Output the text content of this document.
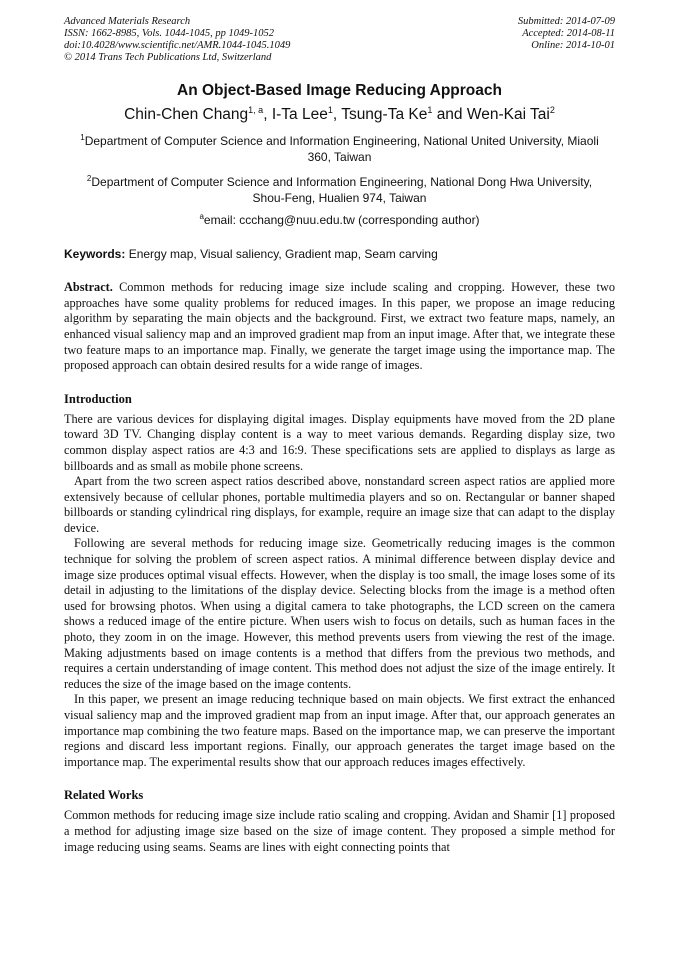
Advanced Materials Research
ISSN: 1662-8985, Vols. 1044-1045, pp 1049-1052
doi:10.4028/www.scientific.net/AMR.1044-1045.1049
© 2014 Trans Tech Publications Ltd, Switzerland
Submitted: 2014-07-09
Accepted: 2014-08-11
Online: 2014-10-01
An Object-Based Image Reducing Approach
Chin-Chen Chang$^{1, a}$, I-Ta Lee$^1$, Tsung-Ta Ke$^1$ and Wen-Kai Tai$^2$
$^1$Department of Computer Science and Information Engineering, National United University, Miaoli 360, Taiwan
$^2$Department of Computer Science and Information Engineering, National Dong Hwa University, Shou-Feng, Hualien 974, Taiwan
$^a$email: ccchang@nuu.edu.tw (corresponding author)
Keywords: Energy map, Visual saliency, Gradient map, Seam carving

Abstract. Common methods for reducing image size include scaling and cropping. However, these two approaches have some quality problems for reduced images. In this paper, we propose an image reducing algorithm by separating the main objects and the background. First, we extract two feature maps, namely, an enhanced visual saliency map and an improved gradient map from an input image. After that, we integrate these two feature maps to an importance map. Finally, we generate the target image using the importance map. The proposed approach can obtain desired results for a wide range of images.

Introduction

There are various devices for displaying digital images. Display equipments have moved from the 2D plane toward 3D TV. Changing display content is a way to meet various demands. Regarding display size, two common display aspect ratios are 4:3 and 16:9. These specifications sets are applied to displays as large as billboards and as small as mobile phone screens.

Apart from the two screen aspect ratios described above, nonstandard screen aspect ratios are applied more extensively because of cellular phones, portable multimedia players and so on. Rectangular or banner shaped billboards or standing cylindrical ring displays, for example, require an image size that can adapt to the display device.

Following are several methods for reducing image size. Geometrically reducing images is the common technique for solving the problem of screen aspect ratios. A minimal difference between display device and image size produces optimal visual effects. However, when the display is too small, the image loses some of its detail in adjusting to the limitations of the display device. Selecting blocks from the image is a method often used for browsing photos. When using a digital camera to take photographs, the LCD screen on the camera shows a reduced image of the entire picture. When users wish to focus on details, such as human faces in the photo, they zoom in on the image. However, this method prevents users from viewing the rest of the image. Making adjustments based on image contents is a method that differs from the previous two methods, and requires a certain understanding of image content. This method does not adjust the size of the image entirely. It reduces the size of the image based on the image contents.

In this paper, we present an image reducing technique based on main objects. We first extract the enhanced visual saliency map and the improved gradient map from an input image. After that, our approach generates an importance map combining the two feature maps. Based on the importance map, we can preserve the important regions and discard less important regions. Finally, our approach generates the target image based on the importance map. The experimental results show that our approach reduces images effectively.

Related Works

Common methods for reducing image size include ratio scaling and cropping. Avidan and Shamir [1] proposed a method for adjusting image size based on the size of image content. They proposed a simple method for image reducing using seams. Seams are lines with eight connecting points that
